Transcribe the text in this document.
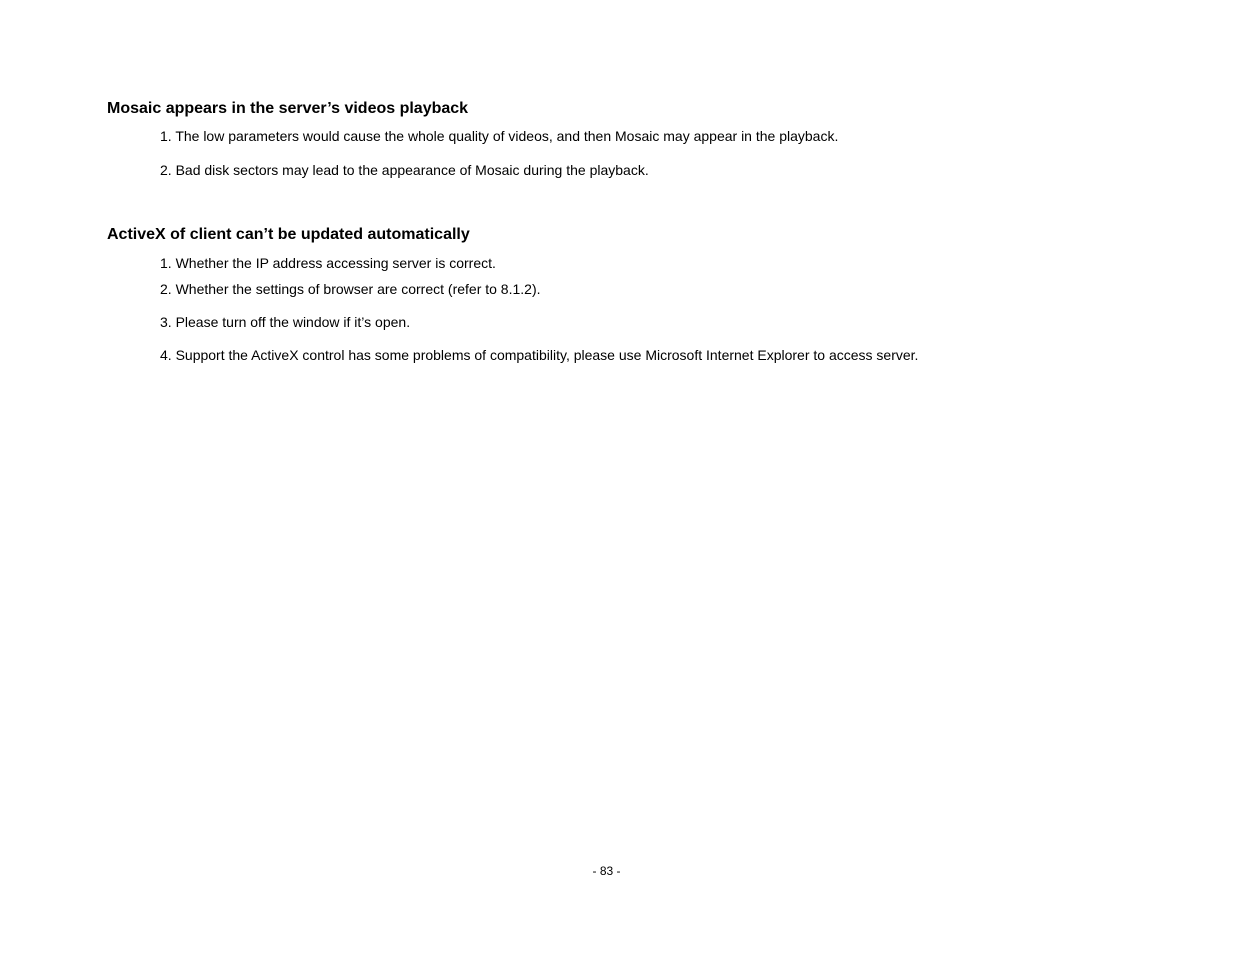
Mosaic appears in the server’s videos playback
1. The low parameters would cause the whole quality of videos, and then Mosaic may appear in the playback.
2. Bad disk sectors may lead to the appearance of Mosaic during the playback.
ActiveX of client can’t be updated automatically
1. Whether the IP address accessing server is correct.
2. Whether the settings of browser are correct (refer to 8.1.2).
3. Please turn off the window if it’s open.
4. Support the ActiveX control has some problems of compatibility, please use Microsoft Internet Explorer to access server.
- 83 -
